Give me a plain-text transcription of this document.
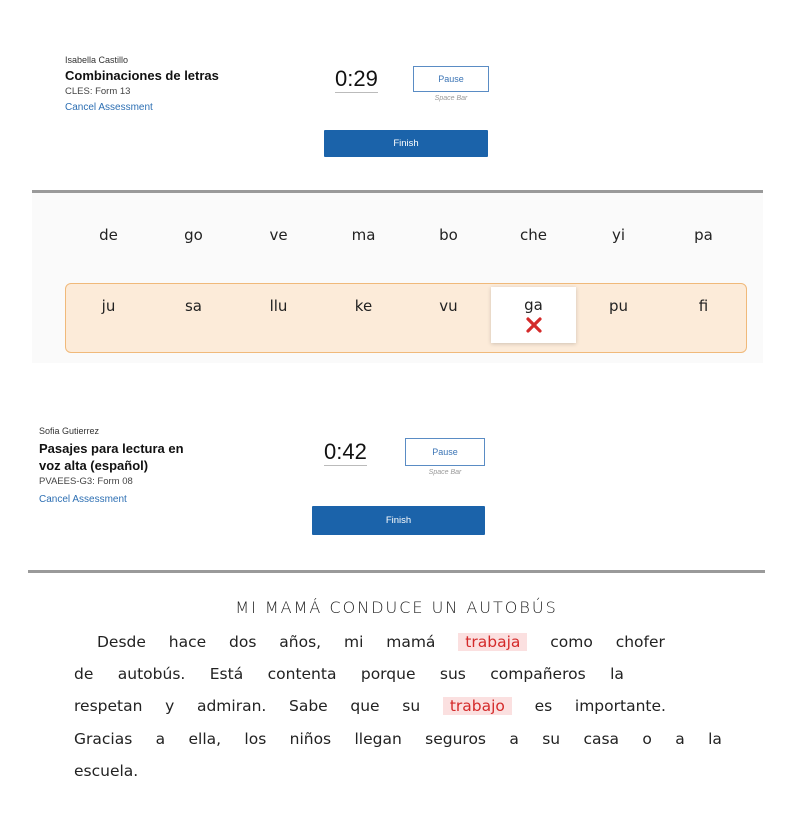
Isabella Castillo
Combinaciones de letras
CLES: Form 13
Cancel Assessment
0:29	Pause
Space Bar
Finish
de	go	ve	ma	bo	che	yi	pa
ju	sa	llu	ke	vu	ga	pu	fi
Sofia Gutierrez
Pasajes para lectura en
voz alta (español)
PVAEES-G3: Form 08
Cancel Assessment
0:42	Pause
Space Bar
Finish
MI MAMÁ CONDUCE UN AUTOBÚS
Desde hace dos años, mi mamá	trabaja	como chofer
de autobús. Está contenta porque sus compañeros la
respetan y admiran. Sabe que su	trabajo	es importante.
Gracias a ella, los niños llegan seguros a su casa o a la
escuela.
